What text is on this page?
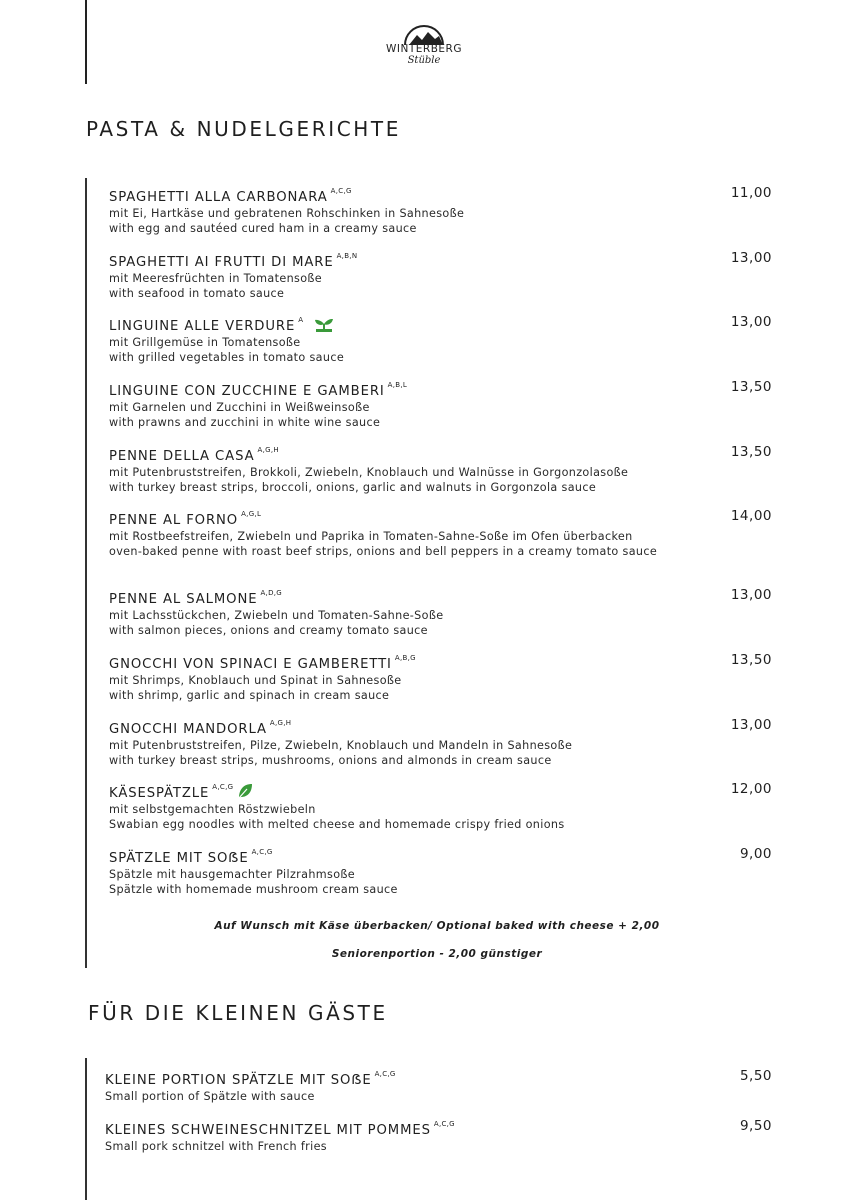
WINTERBERG
Stüble
PASTA & NUDELGERICHTE
SPAGHETTI ALLA CARBONARA $^{A,C,G}$	11,00
mit Ei, Hartkäse und gebratenen Rohschinken in Sahnesoße
with egg and sautéed cured ham in a creamy sauce
SPAGHETTI AI FRUTTI DI MARE $^{A,B,N}$	13,00
mit Meeresfrüchten in Tomatensoße
with seafood in tomato sauce
LINGUINE ALLE VERDURE $^A$	13,00
mit Grillgemüse in Tomatensoße
with grilled vegetables in tomato sauce
LINGUINE CON ZUCCHINE E GAMBERI $^{A,B,L}$	13,50
mit Garnelen und Zucchini in Weißweinsoße
with prawns and zucchini in white wine sauce
PENNE DELLA CASA $^{A,G,H}$	13,50
mit Putenbruststreifen, Brokkoli, Zwiebeln, Knoblauch und Walnüsse in Gorgonzolasoße
with turkey breast strips, broccoli, onions, garlic and walnuts in Gorgonzola sauce
PENNE AL FORNO $^{A,G,L}$	14,00
mit Rostbeefstreifen, Zwiebeln und Paprika in Tomaten-Sahne-Soße im Ofen überbacken
oven-baked penne with roast beef strips, onions and bell peppers in a creamy tomato sauce
PENNE AL SALMONE $^{A,D,G}$	13,00
mit Lachsstückchen, Zwiebeln und Tomaten-Sahne-Soße
with salmon pieces, onions and creamy tomato sauce
GNOCCHI VON SPINACI E GAMBERETTI $^{A,B,G}$	13,50
mit Shrimps, Knoblauch und Spinat in Sahnesoße
with shrimp, garlic and spinach in cream sauce
GNOCCHI MANDORLA $^{A,G,H}$	13,00
mit Putenbruststreifen, Pilze, Zwiebeln, Knoblauch und Mandeln in Sahnesoße
with turkey breast strips, mushrooms, onions and almonds in cream sauce
KÄSESPÄTZLE $^{A,C,G}$	12,00
mit selbstgemachten Röstzwiebeln
Swabian egg noodles with melted cheese and homemade crispy fried onions
SPÄTZLE MIT SOẞE $^{A,C,G}$	9,00
Spätzle mit hausgemachter Pilzrahmsoße
Spätzle with homemade mushroom cream sauce
Auf Wunsch mit Käse überbacken/ Optional baked with cheese + 2,00
Seniorenportion - 2,00 günstiger
FÜR DIE KLEINEN GÄSTE
KLEINE PORTION SPÄTZLE MIT SOẞE $^{A,C,G}$	5,50
Small portion of Spätzle with sauce
KLEINES SCHWEINESCHNITZEL MIT POMMES $^{A,C,G}$	9,50
Small pork schnitzel with French fries
